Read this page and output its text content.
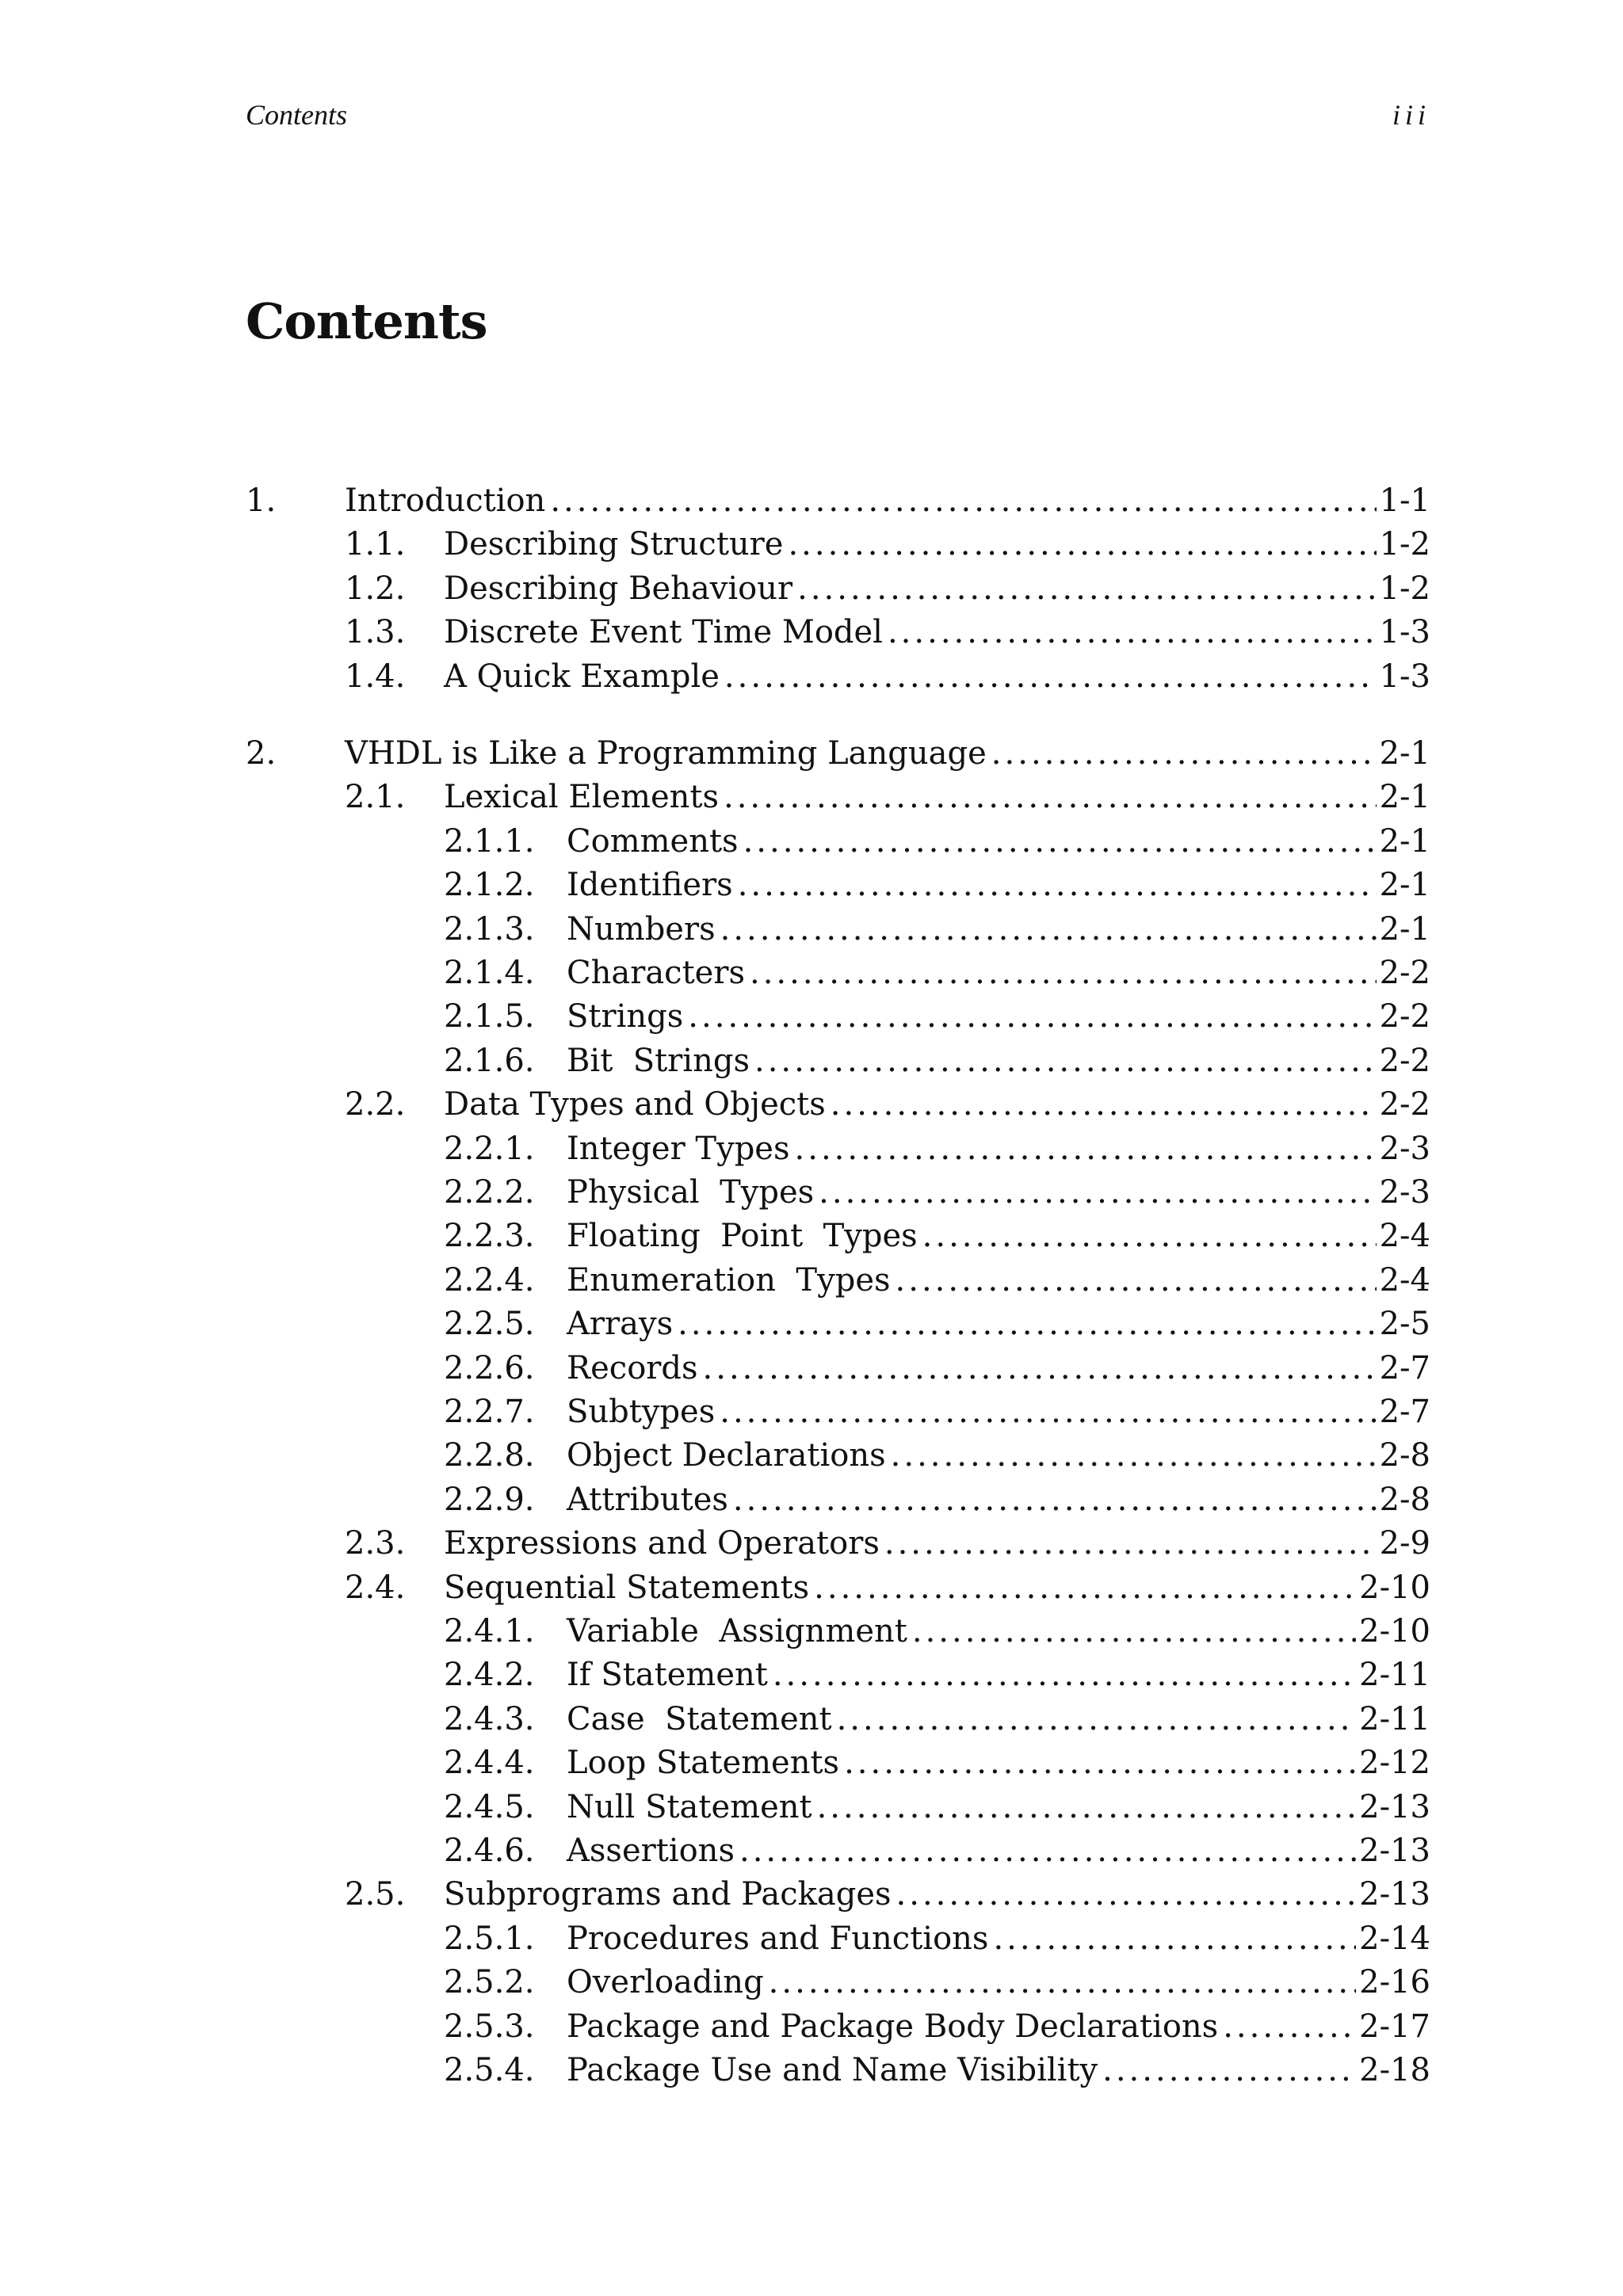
Contents	iii
Contents
1. Introduction .....	1-1
1.1. Describing Structure .....	1-2
1.2. Describing Behaviour .....	1-2
1.3. Discrete Event Time Model .....	1-3
1.4. A Quick Example .....	1-3
2. VHDL is Like a Programming Language .....	2-1
2.1. Lexical Elements .....	2-1
2.1.1. Comments .....	2-1
2.1.2. Identifiers .....	2-1
2.1.3. Numbers .....	2-1
2.1.4. Characters .....	2-2
2.1.5. Strings .....	2-2
2.1.6. Bit  Strings .....	2-2
2.2. Data Types and Objects .....	2-2
2.2.1. Integer Types .....	2-3
2.2.2. Physical  Types .....	2-3
2.2.3. Floating  Point  Types .....	2-4
2.2.4. Enumeration  Types .....	2-4
2.2.5. Arrays .....	2-5
2.2.6. Records .....	2-7
2.2.7. Subtypes .....	2-7
2.2.8. Object Declarations .....	2-8
2.2.9. Attributes .....	2-8
2.3. Expressions and Operators .....	2-9
2.4. Sequential Statements .....	2-10
2.4.1. Variable  Assignment .....	2-10
2.4.2. If Statement .....	2-11
2.4.3. Case  Statement .....	2-11
2.4.4. Loop Statements .....	2-12
2.4.5. Null Statement .....	2-13
2.4.6. Assertions .....	2-13
2.5. Subprograms and Packages .....	2-13
2.5.1. Procedures and Functions .....	2-14
2.5.2. Overloading .....	2-16
2.5.3. Package and Package Body Declarations .....	2-17
2.5.4. Package Use and Name Visibility .....	2-18
